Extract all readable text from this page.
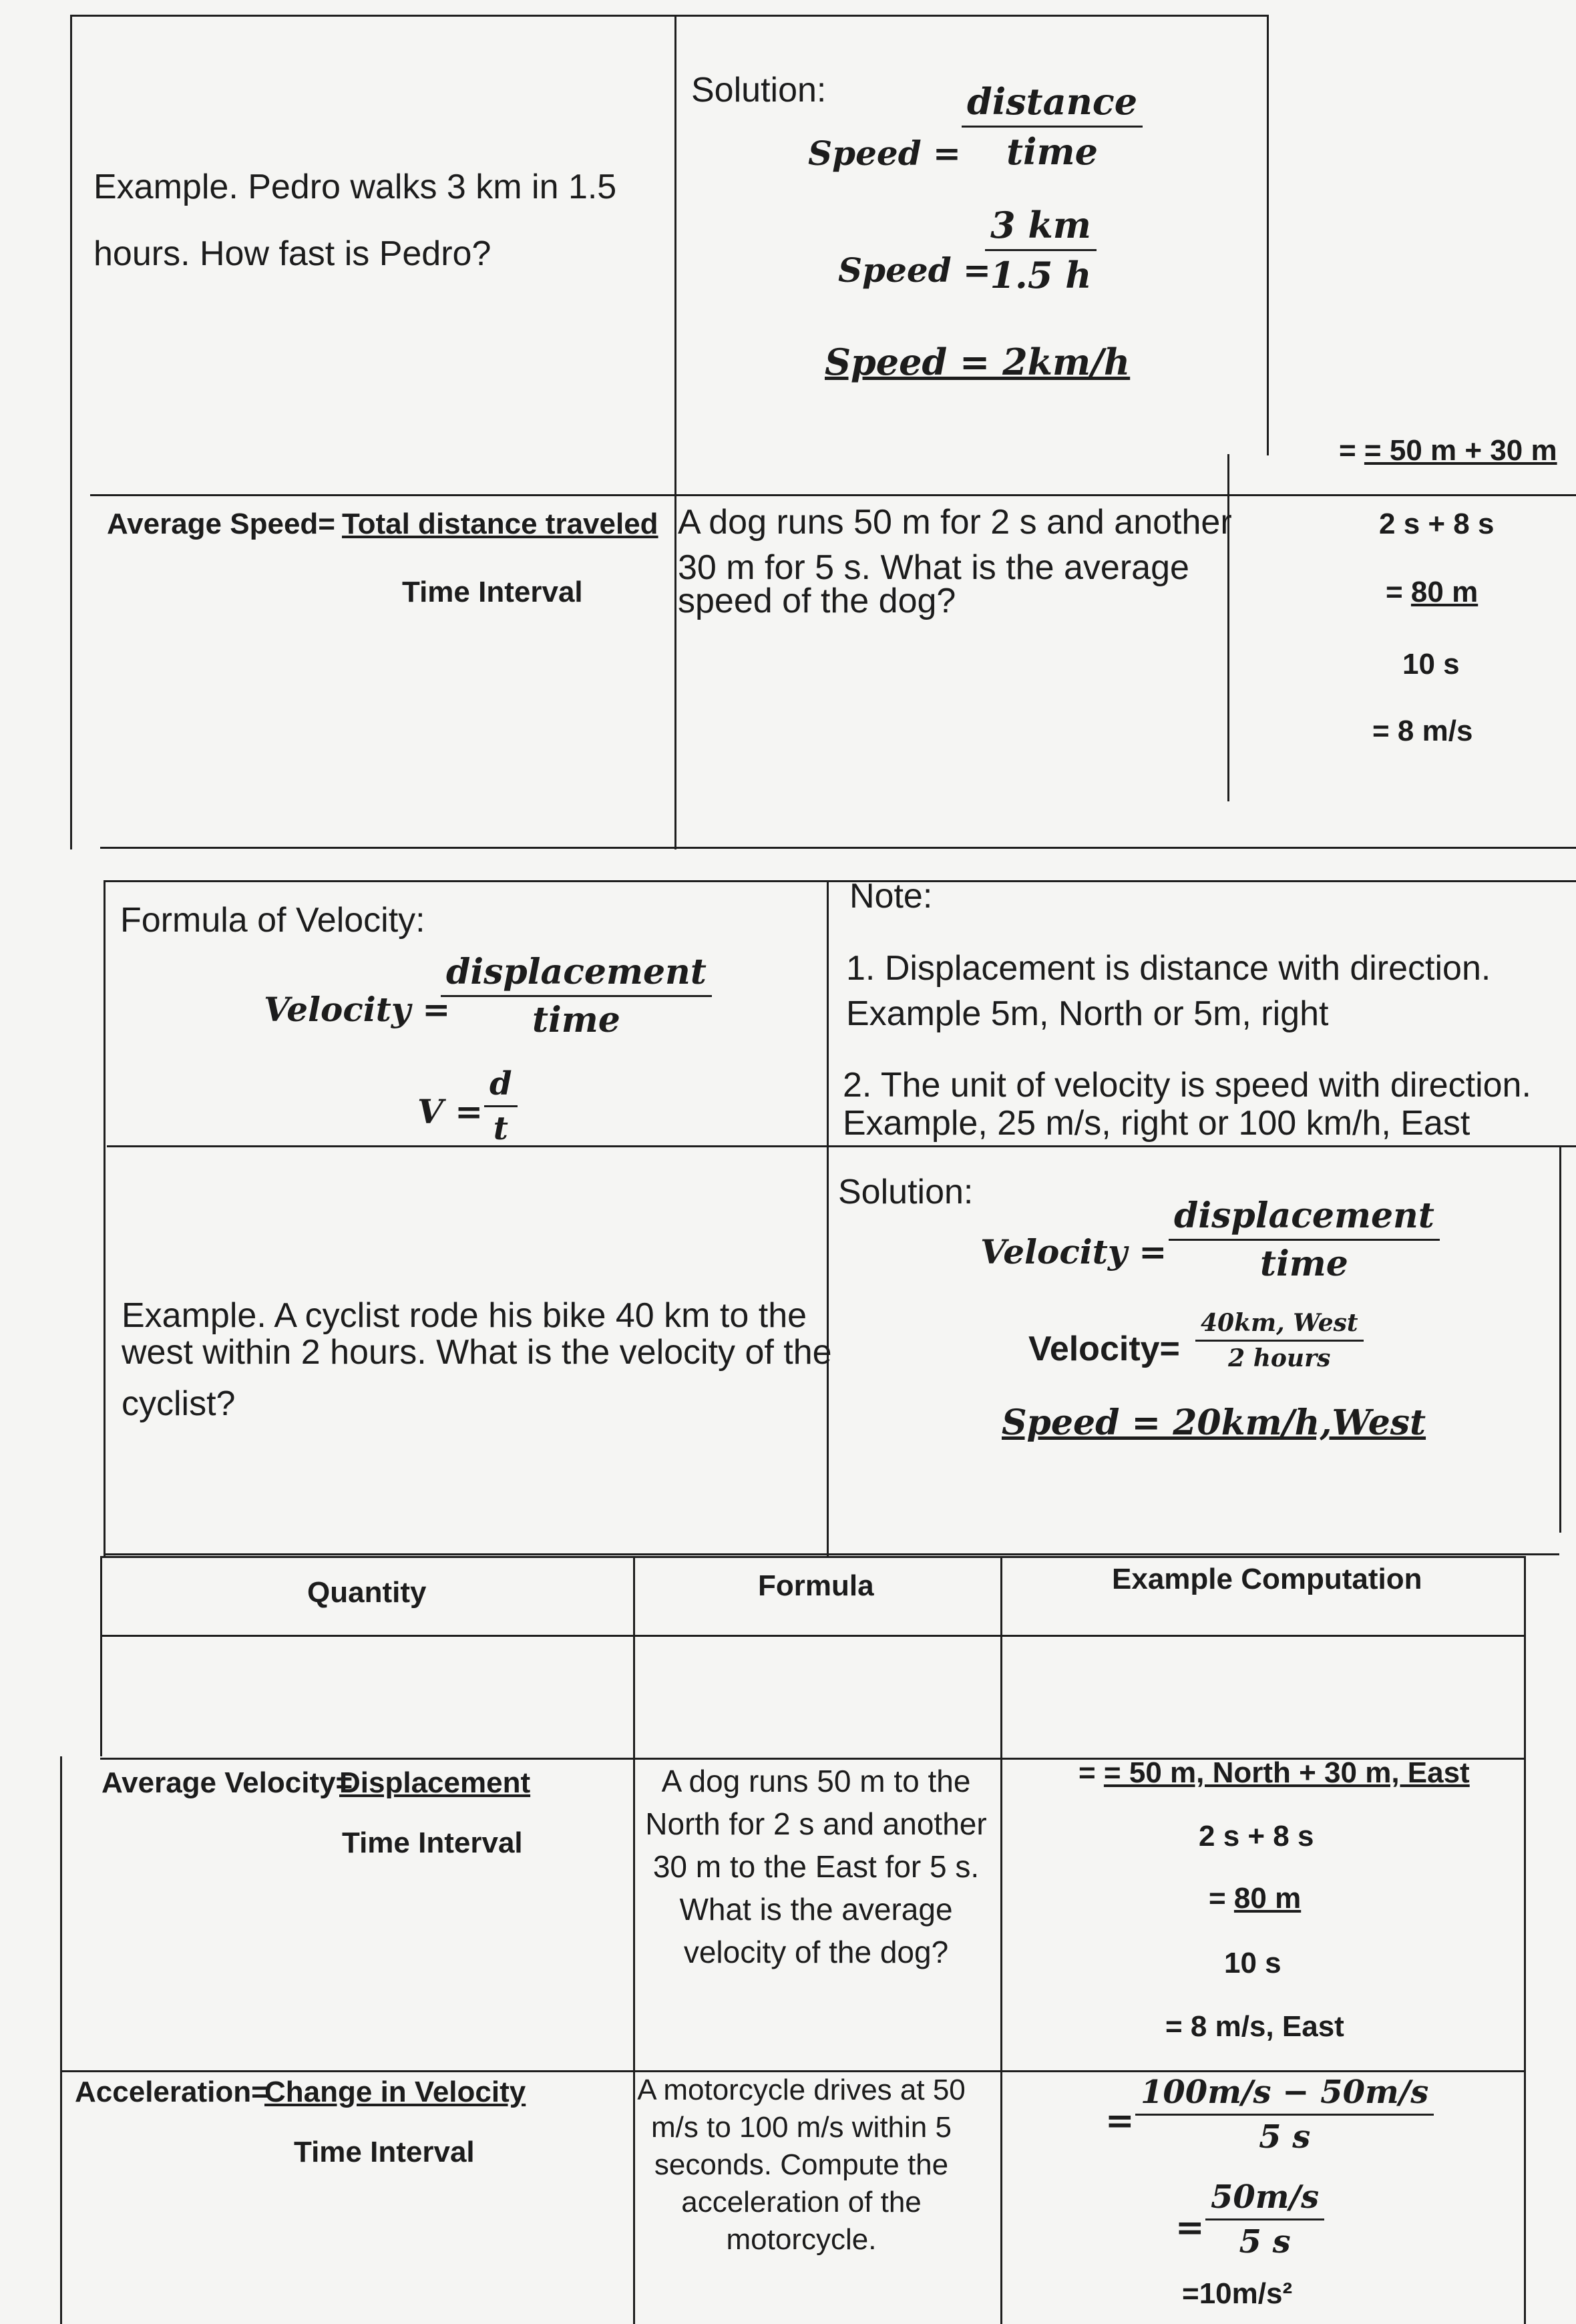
Example. Pedro walks 3 km in 1.5
hours. How fast is Pedro?
Solution:
Speed =
distance
time
Speed =
$\frac{3 km}{1.5 h}$
Speed = 2km/h
Average Speed= Total distance traveled
Time Interval
A dog runs 50 m for 2 s and another
30 m for 5 s. What is the average
speed of the dog?
= = 50 m + 30 m
2 s + 8 s
= 80 m
10 s
= 8 m/s
Formula of Velocity:
Velocity =
displacement
time
$V = \frac{d}{t}$
Note:
1. Displacement is distance with direction.
Example 5m, North or 5m, right
2. The unit of velocity is speed with direction.
Example, 25 m/s, right or 100 km/h, East
Example. A cyclist rode his bike 40 km to the
west within 2 hours. What is the velocity of the
cyclist?
Solution:
Velocity =
displacement
time
Velocity=
40km, West
2 hours
Speed = 20km/h,West
Quantity	Formula	Example Computation
Average Velocity=
Displacement
Time Interval
A dog runs 50 m to the
North for 2 s and another
30 m to the East for 5 s.
What is the average
velocity of the dog?
= = 50 m, North + 30 m, East
2 s + 8 s
= 80 m
10 s
= 8 m/s, East
Acceleration=
Change in Velocity
Time Interval
A motorcycle drives at 50
m/s to 100 m/s within 5
seconds. Compute the
acceleration of the
motorcycle.
= $\frac{100m/s - 50m/s}{5 s}$
= $\frac{50m/s}{5 s}$
=10m/s²
